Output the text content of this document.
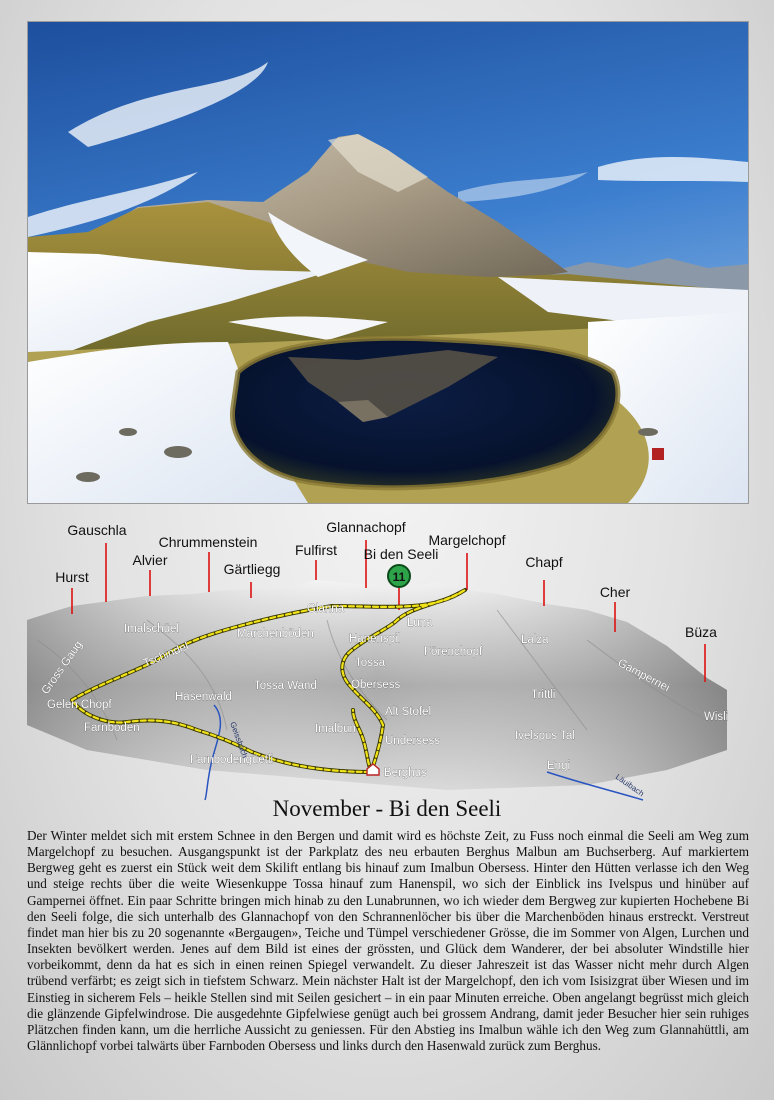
11
Hurst
Gauschla
Alvier
Chrummenstein
Gärtliegg
Fulfirst
Glannachopf
Bi den Seeli
Margelchopf
Chapf
Cher
Büza
Gross Gaug
Imalschüel
Tschindel
Marchenböden
Glanna
Luna
Hanenspil
Förenchopf
Lalza
Gampernei
Wisli
Tossa
Obersess
Tossa Wand
Hasenwald
Gelen Chöpf
Farnboden	Imalbun
Alt Stofel
Undersess
Trittli
Ivelspus Tal
Engi
Farnbodengüetli
Berghus
Geissbach
Läuibach
November - Bi den Seeli
Der Winter meldet sich mit erstem Schnee in den Bergen und damit wird es höchste Zeit, zu Fuss noch einmal die Seeli am Weg zum Margelchopf zu besuchen. Ausgangspunkt ist der Parkplatz des neu erbauten Berghus Malbun am Buchserberg. Auf markiertem Bergweg geht es zuerst ein Stück weit dem Skilift entlang bis hinauf zum Imalbun Obersess. Hinter den Hütten verlasse ich den Weg und steige rechts über die weite Wiesenkuppe Tossa hinauf zum Hanenspil, wo sich der Einblick ins Ivelspus und hinüber auf Gampernei öffnet. Ein paar Schritte bringen mich hinab zu den Lunabrunnen, wo ich wieder dem Bergweg zur kupierten Hochebene Bi den Seeli folge, die sich unterhalb des Glannachopf von den Schrannenlöcher bis über die Marchenböden hinaus erstreckt. Verstreut findet man hier bis zu 20 sogenannte «Bergaugen», Teiche und Tümpel verschiedener Grösse, die im Sommer von Algen, Lurchen und Insekten bevölkert werden. Jenes auf dem Bild ist eines der grössten, und Glück dem Wanderer, der bei absoluter Windstille hier vorbeikommt, denn da hat es sich in einen reinen Spiegel verwandelt. Zu dieser Jahreszeit ist das Wasser nicht mehr durch Algen trübend verfärbt; es zeigt sich in tiefstem Schwarz. Mein nächster Halt ist der Margelchopf, den ich vom Isisizgrat über Wiesen und im Einstieg in sicherem Fels – heikle Stellen sind mit Seilen gesichert – in ein paar Minuten erreiche. Oben angelangt begrüsst mich gleich die glänzende Gipfelwindrose. Die ausgedehnte Gipfelwiese genügt auch bei grossem Andrang, damit jeder Besucher hier sein ruhiges Plätzchen finden kann, um die herrliche Aussicht zu geniessen. Für den Abstieg ins Imalbun wähle ich den Weg zum Glannahüttli, am Glännlichopf vorbei talwärts über Farnboden Obersess und links durch den Hasenwald zurück zum Berghus.
